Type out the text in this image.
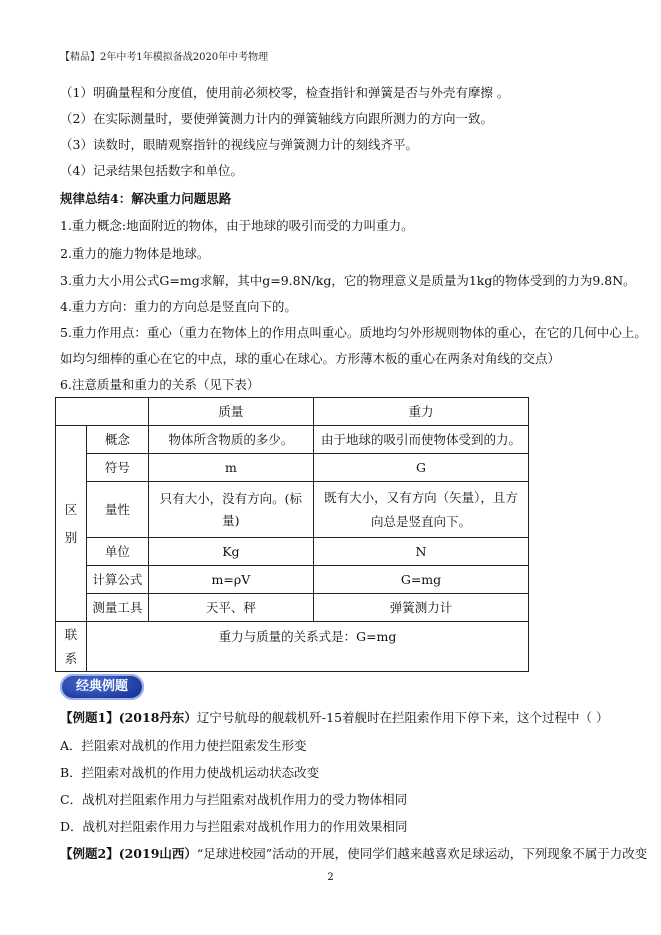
【精品】2年中考1年模拟备战2020年中考物理
（1）明确量程和分度值，使用前必须校零，检查指针和弹簧是否与外壳有摩擦 。
（2）在实际测量时，要使弹簧测力计内的弹簧轴线方向跟所测力的方向一致。
（3）读数时，眼睛观察指针的视线应与弹簧测力计的刻线齐平。
（4）记录结果包括数字和单位。
规律总结4：解决重力问题思路
1.重力概念:地面附近的物体，由于地球的吸引而受的力叫重力。
2.重力的施力物体是地球。
3.重力大小用公式G=mg求解，其中g=9.8N/kg，它的物理意义是质量为1kg的物体受到的力为9.8N。
4.重力方向：重力的方向总是竖直向下的。
5.重力作用点：重心（重力在物体上的作用点叫重心。质地均匀外形规则物体的重心，在它的几何中心上。
如均匀细棒的重心在它的中点，球的重心在球心。方形薄木板的重心在两条对角线的交点）
6.注意质量和重力的关系（见下表）
		质量	重力
区别	概念	物体所含物质的多少。	由于地球的吸引而使物体受到的力。
	符号	m	G
	量性	只有大小，没有方向。(标量)	既有大小，又有方向（矢量），且方向总是竖直向下。
	单位	Kg	N
	计算公式	m=ρV	G=mg
	测量工具	天平、秤	弹簧测力计
联系	重力与质量的关系式是：G=mg		
经典例题
【例题1】(2018丹东）辽宁号航母的舰载机歼-15着舰时在拦阻索作用下停下来，这个过程中（ ）
A．拦阻索对战机的作用力使拦阻索发生形变
B．拦阻索对战机的作用力使战机运动状态改变
C．战机对拦阻索作用力与拦阻索对战机作用力的受力物体相同
D．战机对拦阻索作用力与拦阻索对战机作用力的作用效果相同
【例题2】(2019山西）“足球进校园”活动的开展，使同学们越来越喜欢足球运动，下列现象不属于力改变
2
